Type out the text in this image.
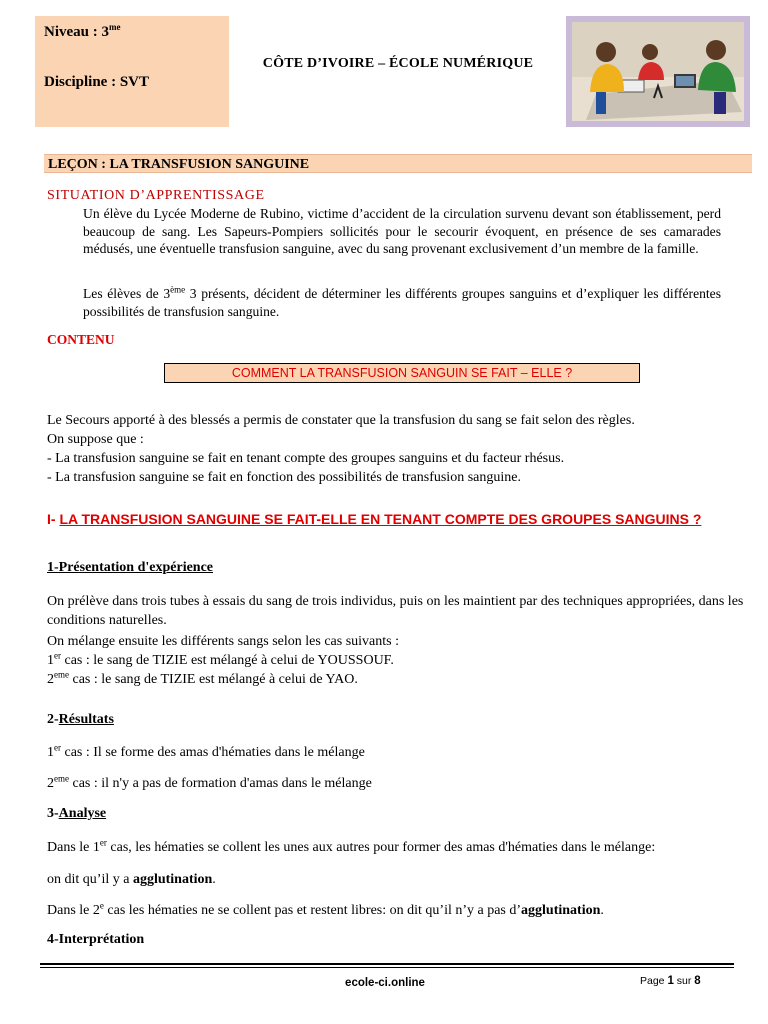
Niveau : $3^{me}$
Discipline : SVT
CÔTE D’IVOIRE – ÉCOLE NUMÉRIQUE
LEÇON : LA TRANSFUSION SANGUINE
SITUATION D’APPRENTISSAGE
Un élève du Lycée Moderne de Rubino, victime d’accident de la circulation survenu devant son établissement, perd beaucoup de sang. Les Sapeurs-Pompiers sollicités pour le secourir évoquent, en présence de ses camarades médusés, une éventuelle transfusion sanguine, avec du sang provenant exclusivement d’un membre de la famille.
Les élèves de 3ème 3 présents, décident de déterminer les différents groupes sanguins et d’expliquer les différentes possibilités de transfusion sanguine.
CONTENU
COMMENT LA TRANSFUSION SANGUIN SE FAIT – ELLE ?
Le Secours apporté à des blessés a permis de constater que la transfusion du sang se fait selon des règles.
On suppose que :
- La transfusion sanguine se fait en tenant compte des groupes sanguins et du facteur rhésus.
- La transfusion sanguine se fait en fonction des possibilités de transfusion sanguine.
I- LA TRANSFUSION SANGUINE SE FAIT-ELLE EN TENANT COMPTE DES GROUPES SANGUINS ?
1-Présentation d'expérience
On prélève dans trois tubes à essais du sang de trois individus, puis on les maintient par des techniques appropriées, dans les conditions naturelles.
On mélange ensuite les différents sangs selon les cas suivants :
1er cas : le sang de TIZIE est mélangé à celui de YOUSSOUF.
2eme cas : le sang de TIZIE est mélangé à celui de YAO.
2-Résultats
1er cas : Il se forme des amas d'hématies dans le mélange
2eme cas : il n'y a pas de formation d'amas dans le mélange
3-Analyse
Dans le 1er cas, les hématies se collent les unes aux autres pour former des amas d'hématies dans le mélange:
on dit qu’il y a agglutination.
Dans le 2e cas les hématies ne se collent pas et restent libres: on dit qu’il n’y a pas d’agglutination.
4-Interprétation
ecole-ci.online	Page 1 sur 8
